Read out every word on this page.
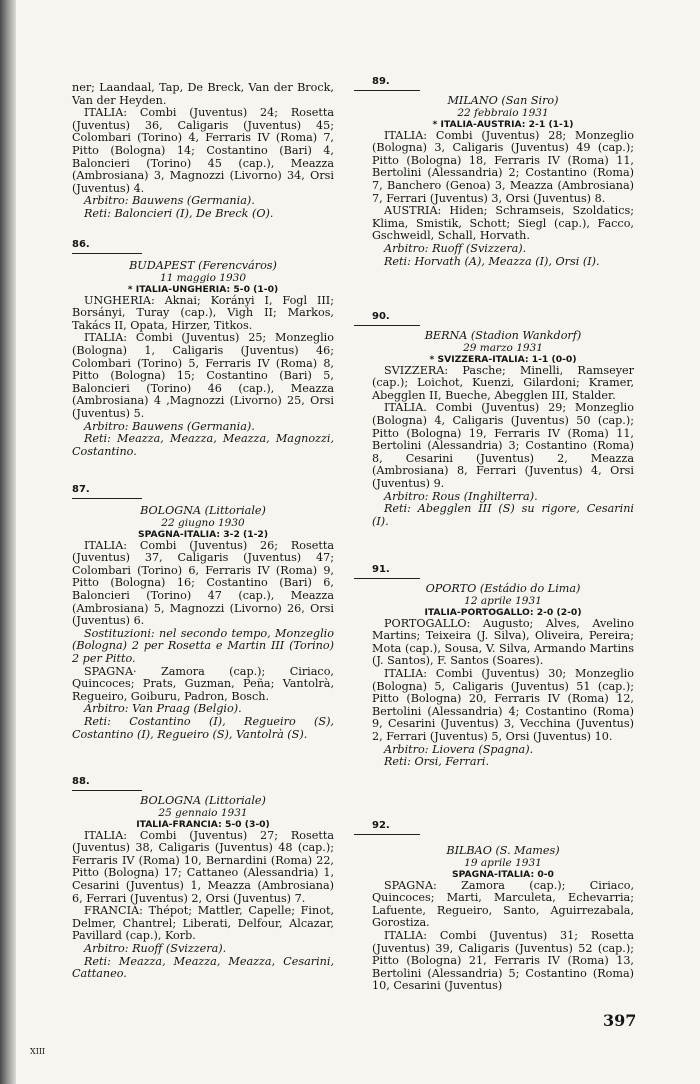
ner; Laandaal, Tap, De Breck, Van der Brock, Van der Heyden.

ITALIA: Combi (Juventus) 24; Rosetta (Juventus) 36, Caligaris (Juventus) 45; Colombari (Torino) 4, Ferraris IV (Roma) 7, Pitto (Bologna) 14; Costantino (Bari) 4, Baloncieri (Torino) 45 (cap.), Meazza (Ambrosiana) 3, Magnozzi (Livorno) 34, Orsi (Juventus) 4.

Arbitro: Bauwens (Germania).

Reti: Baloncieri (I), De Breck (O).

86.
BUDAPEST (Ferencváros)
11 maggio 1930
* ITALIA-UNGHERIA: 5-0 (1-0)

UNGHERIA: Aknai; Korányi I, Fogl III; Borsányi, Turay (cap.), Vigh II; Markos, Takács II, Opata, Hirzer, Titkos.

ITALIA: Combi (Juventus) 25; Monzeglio (Bologna) 1, Caligaris (Juventus) 46; Colombari (Torino) 5, Ferraris IV (Roma) 8, Pitto (Bologna) 15; Costantino (Bari) 5, Baloncieri (Torino) 46 (cap.), Meazza (Ambrosiana) 4 ,Magnozzi (Livorno) 25, Orsi (Juventus) 5.

Arbitro: Bauwens (Germania).

Reti: Meazza, Meazza, Meazza, Magnozzi, Costantino.

87.
BOLOGNA (Littoriale)
22 giugno 1930
SPAGNA-ITALIA: 3-2 (1-2)

ITALIA: Combi (Juventus) 26; Rosetta (Juventus) 37, Caligaris (Juventus) 47; Colombari (Torino) 6, Ferraris IV (Roma) 9, Pitto (Bologna) 16; Costantino (Bari) 6, Baloncieri (Torino) 47 (cap.), Meazza (Ambrosiana) 5, Magnozzi (Livorno) 26, Orsi (Juventus) 6.

Sostituzioni: nel secondo tempo, Monzeglio (Bologna) 2 per Rosetta e Martin III (Torino) 2 per Pitto.

SPAGNA· Zamora (cap.); Ciriaco, Quincoces; Prats, Guzman, Peña; Vantolrà, Regueiro, Goiburu, Padron, Bosch.

Arbitro: Van Praag (Belgio).

Reti: Costantino (I), Regueiro (S), Costantino (I), Regueiro (S), Vantolrà (S).

88.
BOLOGNA (Littoriale)
25 gennaio 1931
ITALIA-FRANCIA: 5-0 (3-0)

ITALIA: Combi (Juventus) 27; Rosetta (Juventus) 38, Caligaris (Juventus) 48 (cap.); Ferraris IV (Roma) 10, Bernardini (Roma) 22, Pitto (Bologna) 17; Cattaneo (Alessandria) 1, Cesarini (Juventus) 1, Meazza (Ambrosiana) 6, Ferrari (Juventus) 2, Orsi (Juventus) 7.

FRANCIA: Thépot; Mattler, Capelle; Finot, Delmer, Chantrel; Liberati, Delfour, Alcazar, Pavillard (cap.), Korb.

Arbitro: Ruoff (Svizzera).

Reti: Meazza, Meazza, Meazza, Cesarini, Cattaneo.

89.
MILANO (San Siro)
22 febbraio 1931
* ITALIA-AUSTRIA: 2-1 (1-1)

ITALIA: Combi (Juventus) 28; Monzeglio (Bologna) 3, Caligaris (Juventus) 49 (cap.); Pitto (Bologna) 18, Ferraris IV (Roma) 11, Bertolini (Alessandria) 2; Costantino (Roma) 7, Banchero (Genoa) 3, Meazza (Ambrosiana) 7, Ferrari (Juventus) 3, Orsi (Juventus) 8.

AUSTRIA: Hiden; Schramseis, Szoldatics; Klima, Smistik, Schott; Siegl (cap.), Facco, Gschweidl, Schall, Horvath.

Arbitro: Ruoff (Svizzera).

Reti: Horvath (A), Meazza (I), Orsi (I).

90.
BERNA (Stadion Wankdorf)
29 marzo 1931
* SVIZZERA-ITALIA: 1-1 (0-0)

SVIZZERA: Pasche; Minelli, Ramseyer (cap.); Loichot, Kuenzi, Gilardoni; Kramer, Abegglen II, Bueche, Abegglen III, Stalder.

ITALIA. Combi (Juventus) 29; Monzeglio (Bologna) 4, Caligaris (Juventus) 50 (cap.); Pitto (Bologna) 19, Ferraris IV (Roma) 11, Bertolini (Alessandria) 3; Costantino (Roma) 8, Cesarini (Juventus) 2, Meazza (Ambrosiana) 8, Ferrari (Juventus) 4, Orsi (Juventus) 9.

Arbitro: Rous (Inghilterra).

Reti: Abegglen III (S) su rigore, Cesarini (I).

91.
OPORTO (Estádio do Lima)
12 aprile 1931
ITALIA-PORTOGALLO: 2-0 (2-0)

PORTOGALLO: Augusto; Alves, Avelino Martins; Teixeira (J. Silva), Oliveira, Pereira; Mota (cap.), Sousa, V. Silva, Armando Martins (J. Santos), F. Santos (Soares).

ITALIA: Combi (Juventus) 30; Monzeglio (Bologna) 5, Caligaris (Juventus) 51 (cap.); Pitto (Bologna) 20, Ferraris IV (Roma) 12, Bertolini (Alessandria) 4; Costantino (Roma) 9, Cesarini (Juventus) 3, Vecchina (Juventus) 2, Ferrari (Juventus) 5, Orsi (Juventus) 10.

Arbitro: Liovera (Spagna).

Reti: Orsi, Ferrari.

92.
BILBAO (S. Mames)
19 aprile 1931
SPAGNA-ITALIA: 0-0

SPAGNA: Zamora (cap.); Ciriaco, Quincoces; Marti, Marculeta, Echevarria; Lafuente, Regueiro, Santo, Aguirrezabala, Gorostiza.

ITALIA: Combi (Juventus) 31; Rosetta (Juventus) 39, Caligaris (Juventus) 52 (cap.); Pitto (Bologna) 21, Ferraris IV (Roma) 13, Bertolini (Alessandria) 5; Costantino (Roma) 10, Cesarini (Juventus)

397
XIII
